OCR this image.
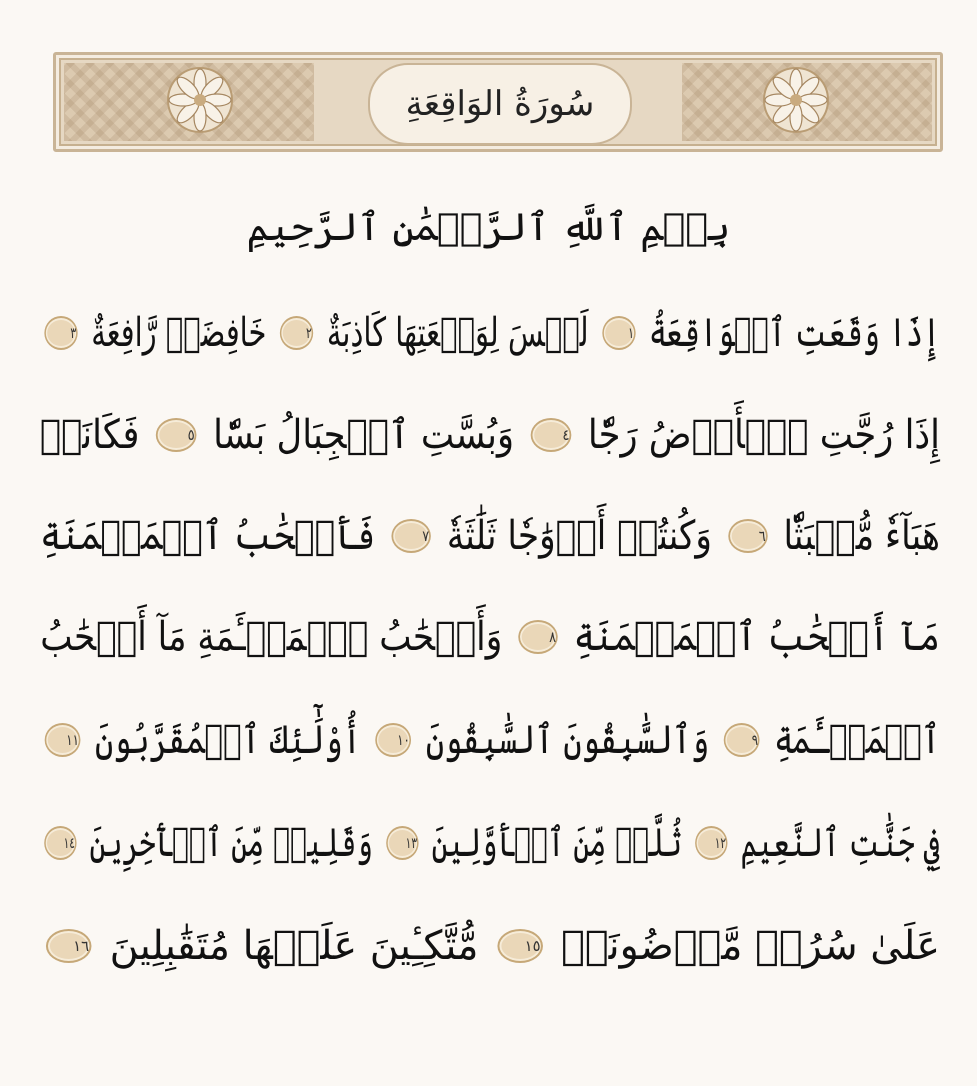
سُورَةُ الوَاقِعَةِ
بِسۡمِ ٱللَّهِ ٱلرَّحۡمَٰنِ ٱلرَّحِيمِ
إِذَا وَقَعَتِ ٱلۡوَاقِعَةُ ١ لَيۡسَ لِوَقۡعَتِهَا كَاذِبَةٌ ٢ خَافِضَةٞ رَّافِعَةٌ ٣
إِذَا رُجَّتِ ٱلۡأَرۡضُ رَجّٗا ٤ وَبُسَّتِ ٱلۡجِبَالُ بَسّٗا ٥ فَكَانَتۡ
هَبَآءٗ مُّنۢبَثّٗا ٦ وَكُنتُمۡ أَزۡوَٰجٗا ثَلَٰثَةٗ ٧ فَأَصۡحَٰبُ ٱلۡمَيۡمَنَةِ
مَآ أَصۡحَٰبُ ٱلۡمَيۡمَنَةِ ٨ وَأَصۡحَٰبُ ٱلۡمَشۡـَٔمَةِ مَآ أَصۡحَٰبُ
ٱلۡمَشۡـَٔمَةِ ٩ وَٱلسَّٰبِقُونَ ٱلسَّٰبِقُونَ ١٠ أُوْلَٰٓئِكَ ٱلۡمُقَرَّبُونَ ١١
فِي جَنَّٰتِ ٱلنَّعِيمِ ١٢ ثُلَّةٞ مِّنَ ٱلۡأَوَّلِينَ ١٣ وَقَلِيلٞ مِّنَ ٱلۡأٓخِرِينَ ١٤
عَلَىٰ سُرُرٖ مَّوۡضُونَةٖ ١٥ مُّتَّكِـِٔينَ عَلَيۡهَا مُتَقَٰبِلِينَ ١٦
